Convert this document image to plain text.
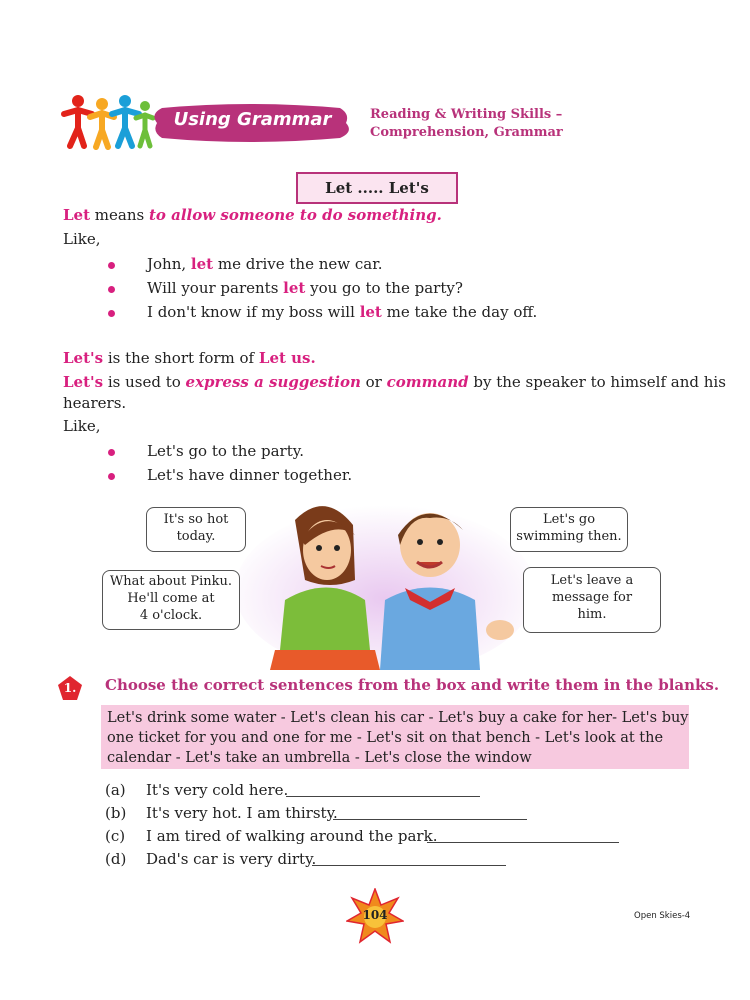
Using Grammar	Reading & Writing Skills –
Comprehension, Grammar
Let ..... Let's
Let means to allow someone to do something.
Like,
John, let me drive the new car.
Will your parents let you go to the party?
I don't know if my boss will let me take the day off.
Let's is the short form of Let us.
Let's is used to express a suggestion or command by the speaker to himself and his
hearers.
Like,
Let's go to the party.
Let's have dinner together.
It's so hot
today.
What about Pinku.
He'll come at
4 o'clock.
Let's go
swimming then.
Let's leave a
message for
him.
1.	Choose the correct sentences from the box and write them in the blanks.
Let's drink some water - Let's clean his car - Let's buy a cake for her- Let's buy
one ticket for you and one for me - Let's sit on that bench - Let's look at the
calendar - Let's take an umbrella - Let's close the window
(a) It's very cold here.
(b) It's very hot. I am thirsty.
(c) I am tired of walking around the park.
(d) Dad's car is very dirty.
104	Open Skies-4
